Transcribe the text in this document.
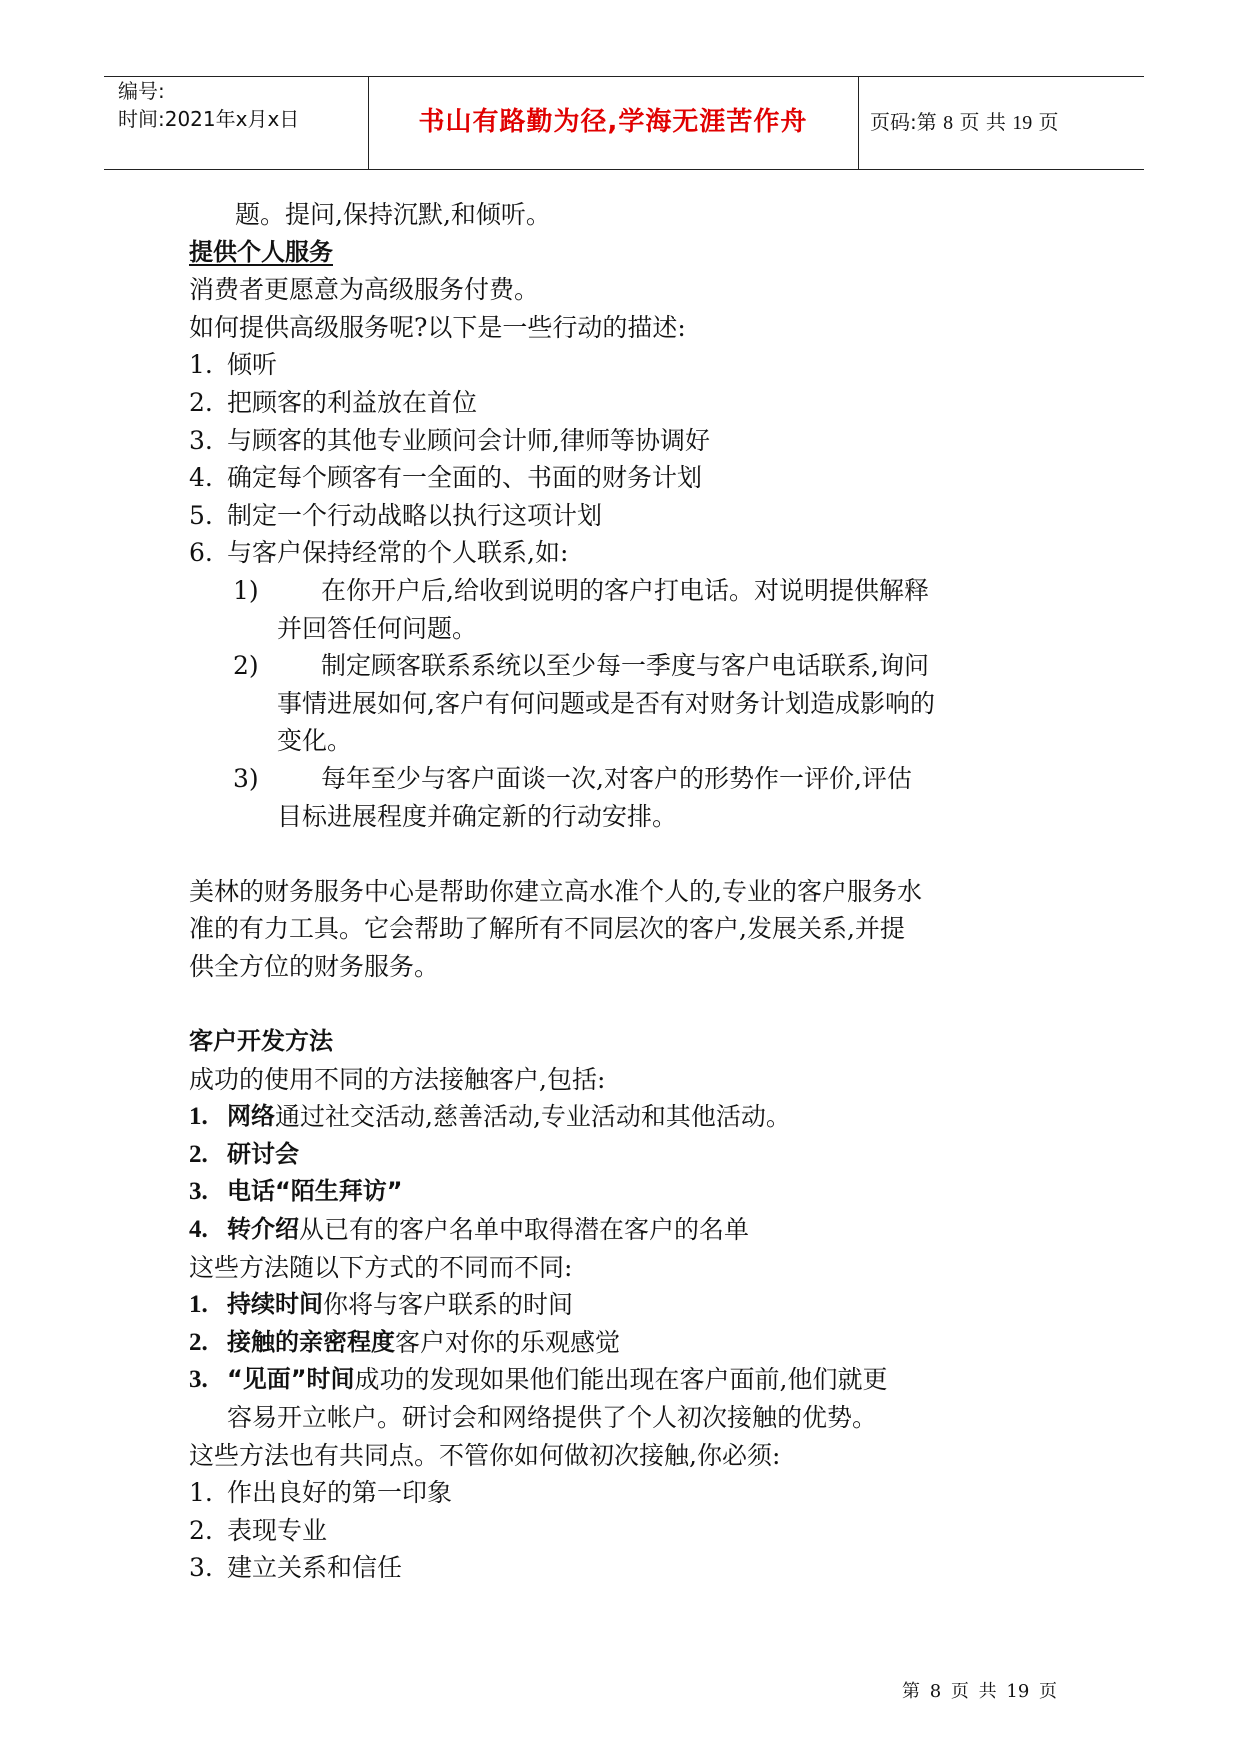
编号:
时间:2021年x月x日	书山有路勤为径,学海无涯苦作舟	页码:第 8 页 共 19 页

题。提问,保持沉默,和倾听。

提供个人服务

消费者更愿意为高级服务付费。

如何提供高级服务呢?以下是一些行动的描述:

1. 倾听
2. 把顾客的利益放在首位
3. 与顾客的其他专业顾问会计师,律师等协调好
4. 确定每个顾客有一全面的、书面的财务计划
5. 制定一个行动战略以执行这项计划
6. 与客户保持经常的个人联系,如:
1)	在你开户后,给收到说明的客户打电话。对说明提供解释
并回答任何问题。
2)	制定顾客联系系统以至少每一季度与客户电话联系,询问
事情进展如何,客户有何问题或是否有对财务计划造成影响的
变化。
3)	每年至少与客户面谈一次,对客户的形势作一评价,评估
目标进展程度并确定新的行动安排。

美林的财务服务中心是帮助你建立高水准个人的,专业的客户服务水

准的有力工具。它会帮助了解所有不同层次的客户,发展关系,并提

供全方位的财务服务。

客户开发方法

成功的使用不同的方法接触客户,包括:

1. 网络 通过社交活动,慈善活动,专业活动和其他活动。
2. 研讨会
3. 电话“陌生拜访”
4. 转介绍 从已有的客户名单中取得潜在客户的名单

这些方法随以下方式的不同而不同:

1. 持续时间 你将与客户联系的时间
2. 接触的亲密程度 客户对你的乐观感觉
3. “见面”时间 成功的发现如果他们能出现在客户面前,他们就更
容易开立帐户。研讨会和网络提供了个人初次接触的优势。

这些方法也有共同点。不管你如何做初次接触,你必须:

1. 作出良好的第一印象
2. 表现专业
3. 建立关系和信任
第 8 页 共 19 页
